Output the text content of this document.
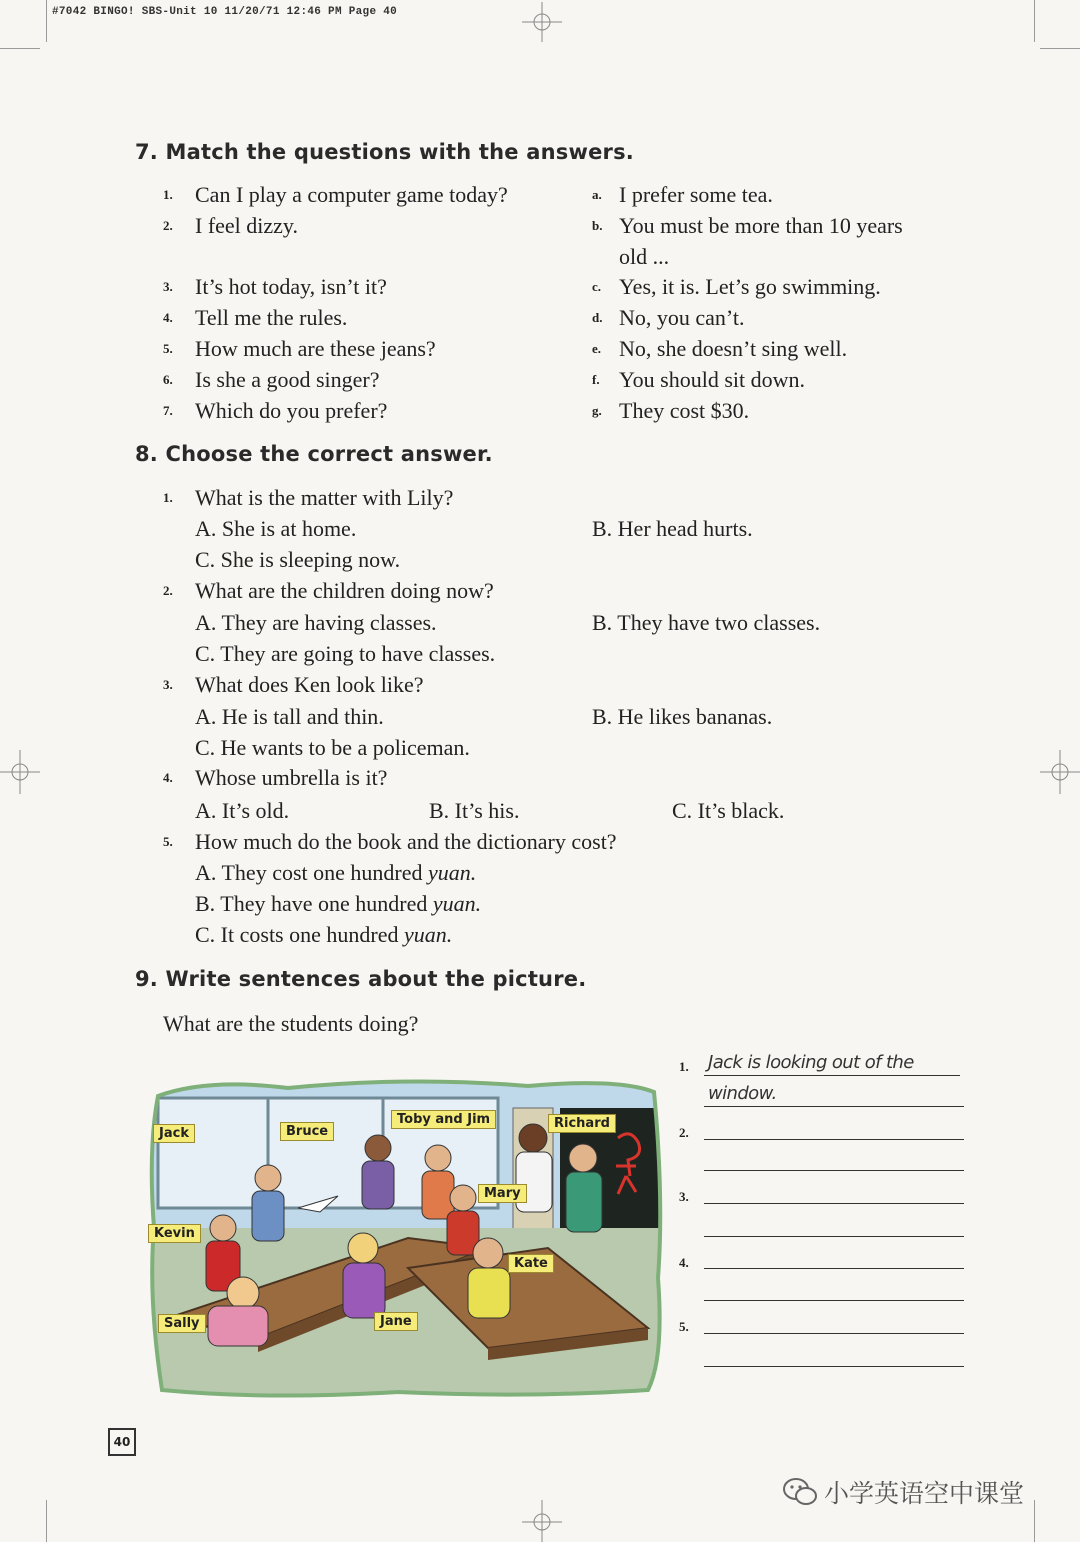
#7042 BINGO! SBS-Unit 10 11/20/71 12:46 PM Page 40
7. Match the questions with the answers.
1. Can I play a computer game today?
2. I feel dizzy.
3. It’s hot today, isn’t it?
4. Tell me the rules.
5. How much are these jeans?
6. Is she a good singer?
7. Which do you prefer?
a. I prefer some tea.
b. You must be more than 10 years
old ...
c. Yes, it is. Let’s go swimming.
d. No, you can’t.
e. No, she doesn’t sing well.
f. You should sit down.
g. They cost $30.
8. Choose the correct answer.
1. What is the matter with Lily?
A. She is at home.	B. Her head hurts.
C. She is sleeping now.
2. What are the children doing now?
A. They are having classes.	B. They have two classes.
C. They are going to have classes.
3. What does Ken look like?
A. He is tall and thin.	B. He likes bananas.
C. He wants to be a policeman.
4. Whose umbrella is it?
A. It’s old.	B. It’s his.	C. It’s black.
5. How much do the book and the dictionary cost?
A. They cost one hundred yuan.
B. They have one hundred yuan.
C. It costs one hundred yuan.
9. Write sentences about the picture.
What are the students doing?
Jack	Bruce
Toby and Jim	Richard
Mary
Kevin
Kate
Sally	Jane
1. Jack is looking out of the
window.
2.
3.
4.
5.
40
小学英语空中课堂
